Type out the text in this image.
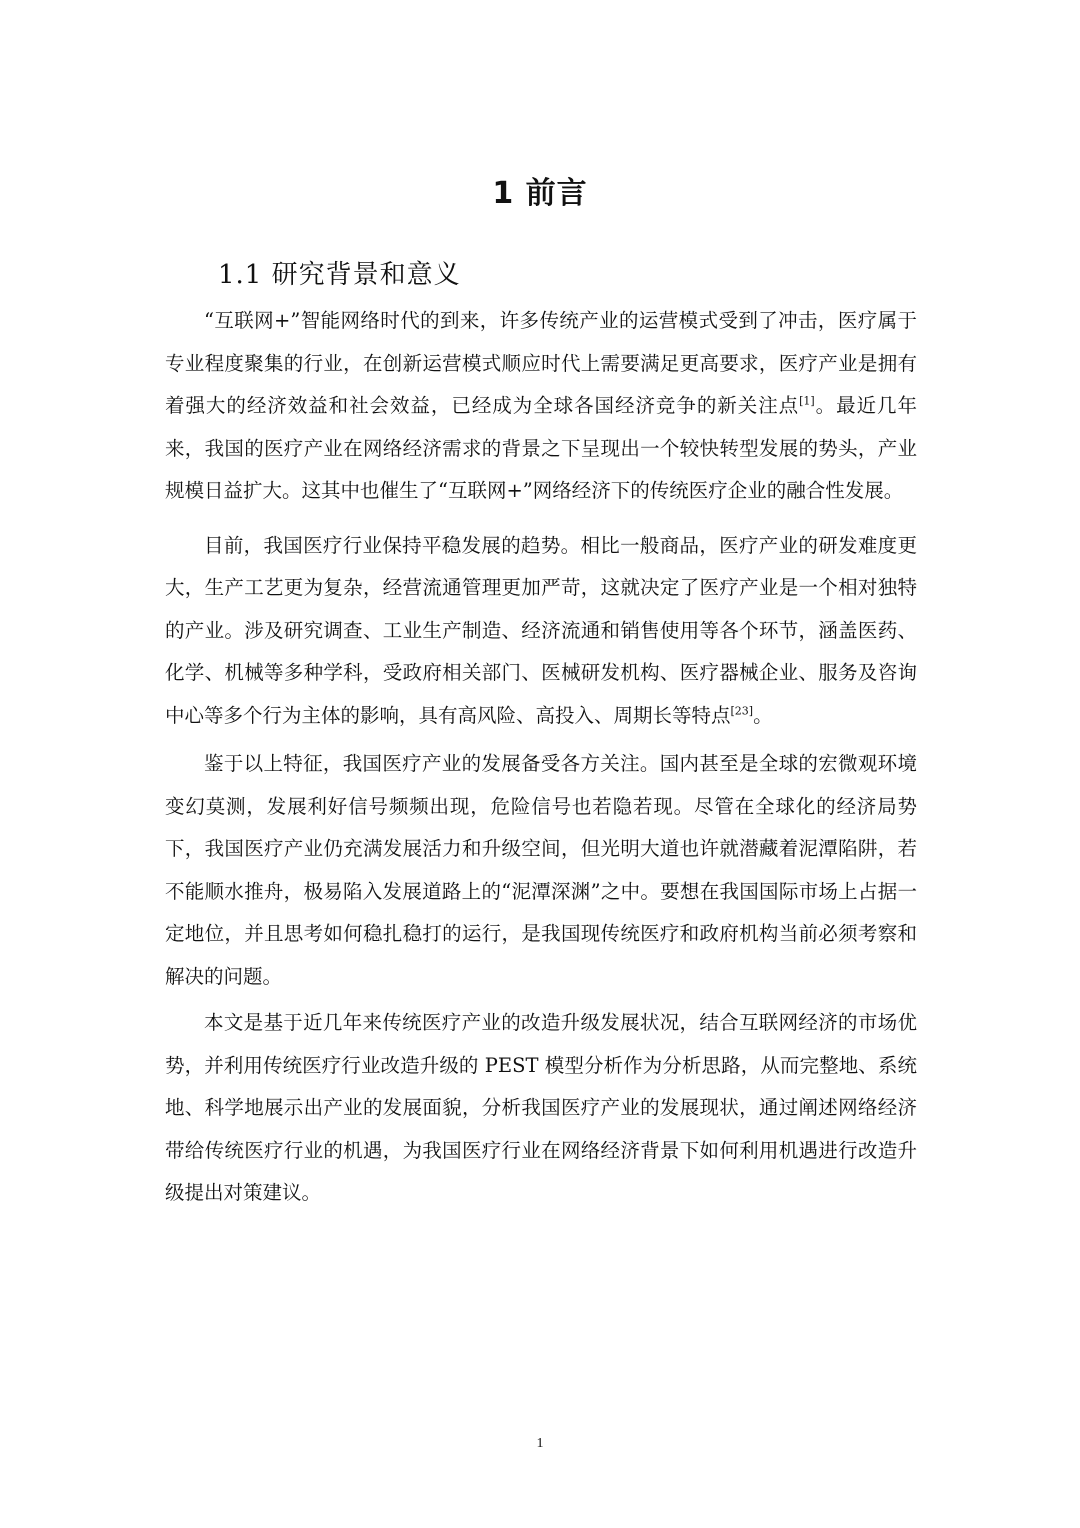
1 前言
1.1 研究背景和意义

“互联网+”智能网络时代的到来，许多传统产业的运营模式受到了冲击，医疗属于专业程度聚集的行业，在创新运营模式顺应时代上需要满足更高要求，医疗产业是拥有着强大的经济效益和社会效益，已经成为全球各国经济竞争的新关注点[1]。最近几年来，我国的医疗产业在网络经济需求的背景之下呈现出一个较快转型发展的势头，产业规模日益扩大。这其中也催生了“互联网+”网络经济下的传统医疗企业的融合性发展。

目前，我国医疗行业保持平稳发展的趋势。相比一般商品，医疗产业的研发难度更大，生产工艺更为复杂，经营流通管理更加严苛，这就决定了医疗产业是一个相对独特的产业。涉及研究调查、工业生产制造、经济流通和销售使用等各个环节，涵盖医药、化学、机械等多种学科，受政府相关部门、医械研发机构、医疗器械企业、服务及咨询中心等多个行为主体的影响，具有高风险、高投入、周期长等特点[23]。

鉴于以上特征，我国医疗产业的发展备受各方关注。国内甚至是全球的宏微观环境变幻莫测，发展利好信号频频出现，危险信号也若隐若现。尽管在全球化的经济局势下，我国医疗产业仍充满发展活力和升级空间，但光明大道也许就潜藏着泥潭陷阱，若不能顺水推舟，极易陷入发展道路上的“泥潭深渊”之中。要想在我国国际市场上占据一定地位，并且思考如何稳扎稳打的运行，是我国现传统医疗和政府机构当前必须考察和解决的问题。

本文是基于近几年来传统医疗产业的改造升级发展状况，结合互联网经济的市场优势，并利用传统医疗行业改造升级的 PEST 模型分析作为分析思路，从而完整地、系统地、科学地展示出产业的发展面貌，分析我国医疗产业的发展现状，通过阐述网络经济带给传统医疗行业的机遇，为我国医疗行业在网络经济背景下如何利用机遇进行改造升级提出对策建议。

1
